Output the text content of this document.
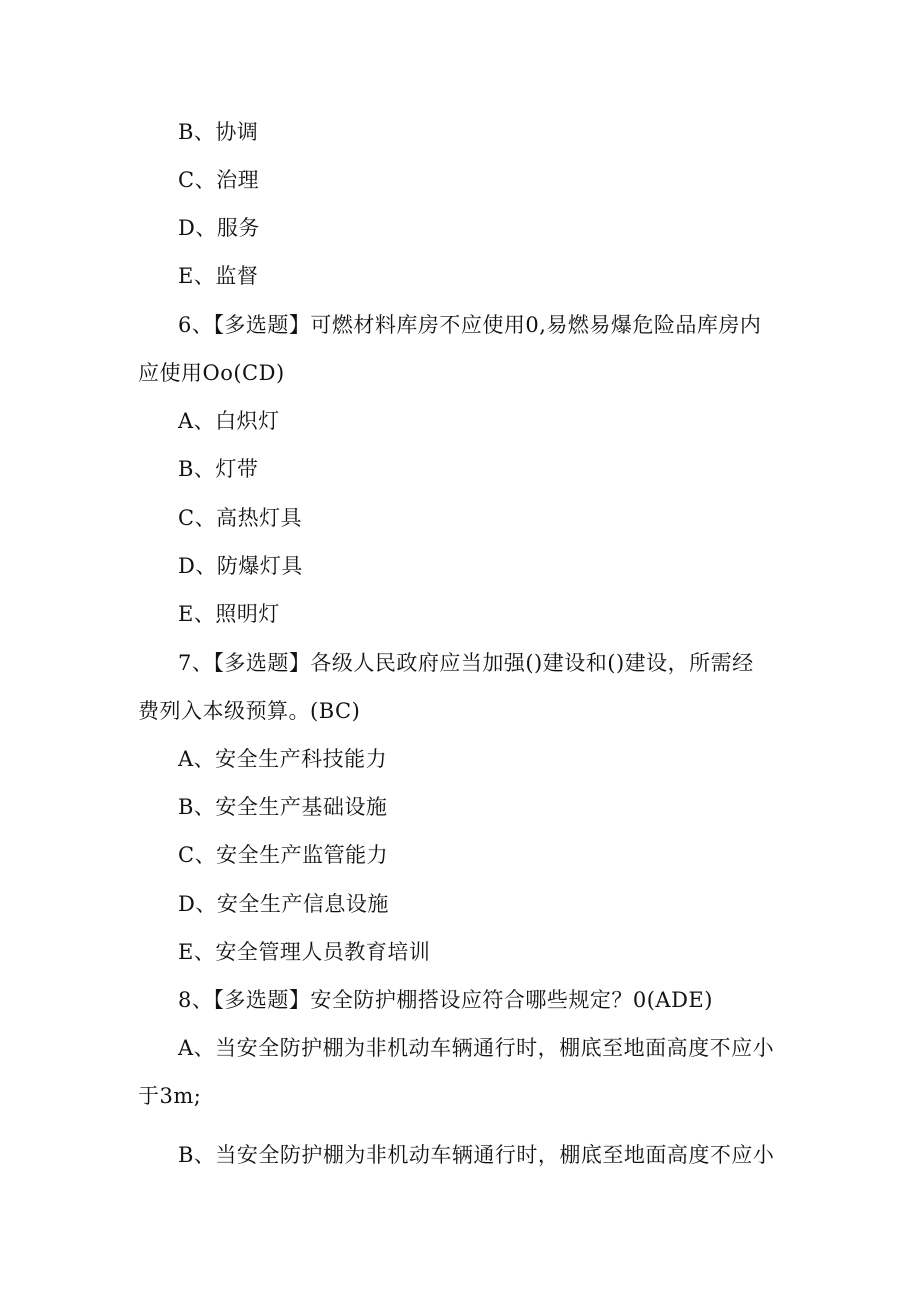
B、协调
C、治理
D、服务
E、监督
6、【多选题】可燃材料库房不应使用0,易燃易爆危险品库房内
应使用Oo(CD)
A、白炽灯
B、灯带
C、高热灯具
D、防爆灯具
E、照明灯
7、【多选题】各级人民政府应当加强()建设和()建设，所需经
费列入本级预算。(BC)
A、安全生产科技能力
B、安全生产基础设施
C、安全生产监管能力
D、安全生产信息设施
E、安全管理人员教育培训
8、【多选题】安全防护棚搭设应符合哪些规定？0(ADE)
A、当安全防护棚为非机动车辆通行时，棚底至地面高度不应小
于3m;
B、当安全防护棚为非机动车辆通行时，棚底至地面高度不应小
